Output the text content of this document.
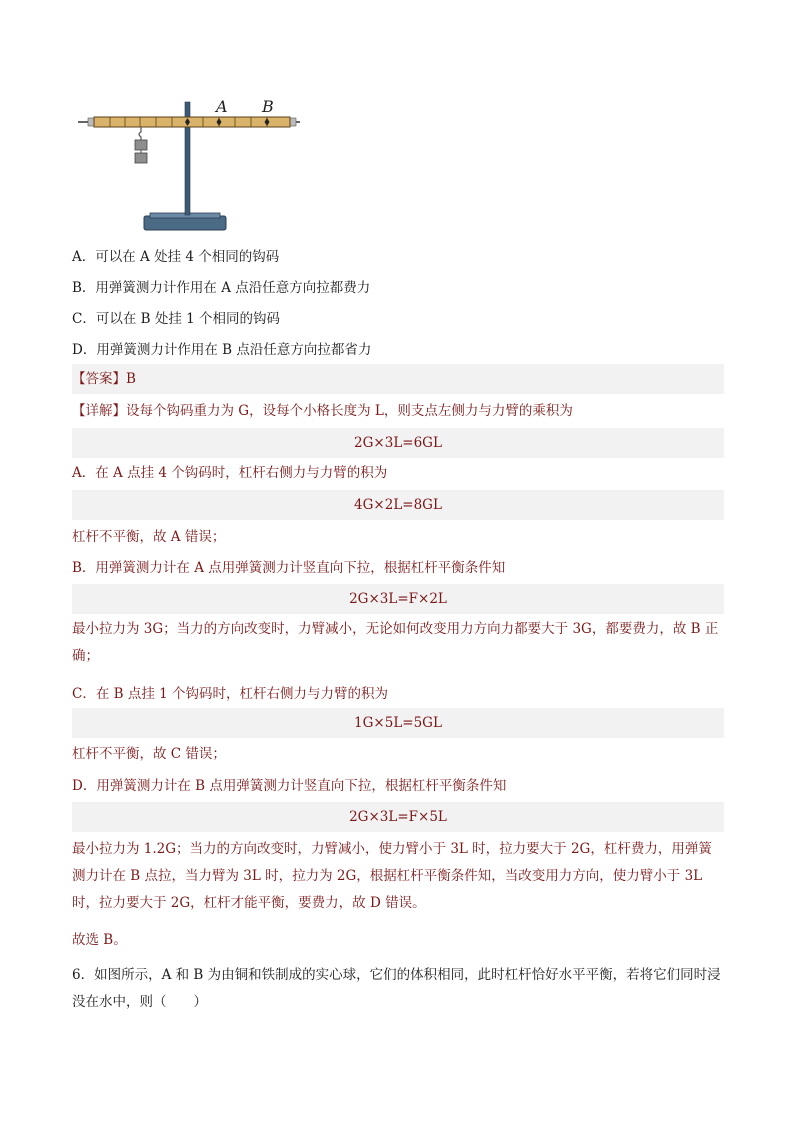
A B
A．可以在 A 处挂 4 个相同的钩码
B．用弹簧测力计作用在 A 点沿任意方向拉都费力
C．可以在 B 处挂 1 个相同的钩码
D．用弹簧测力计作用在 B 点沿任意方向拉都省力
【答案】B
【详解】设每个钩码重力为 G，设每个小格长度为 L，则支点左侧力与力臂的乘积为
2G×3L=6GL
A．在 A 点挂 4 个钩码时，杠杆右侧力与力臂的积为
4G×2L=8GL
杠杆不平衡，故 A 错误；
B．用弹簧测力计在 A 点用弹簧测力计竖直向下拉，根据杠杆平衡条件知
2G×3L=F×2L
最小拉力为 3G；当力的方向改变时，力臂减小，无论如何改变用力方向力都要大于 3G，都要费力，故 B 正确；
C．在 B 点挂 1 个钩码时，杠杆右侧力与力臂的积为
1G×5L=5GL
杠杆不平衡，故 C 错误；
D．用弹簧测力计在 B 点用弹簧测力计竖直向下拉，根据杠杆平衡条件知
2G×3L=F×5L
最小拉力为 1.2G；当力的方向改变时，力臂减小，使力臂小于 3L 时，拉力要大于 2G，杠杆费力，用弹簧测力计在 B 点拉，当力臂为 3L 时，拉力为 2G，根据杠杆平衡条件知，当改变用力方向，使力臂小于 3L 时，拉力要大于 2G，杠杆才能平衡，要费力，故 D 错误。
故选 B。
6．如图所示，A 和 B 为由铜和铁制成的实心球，它们的体积相同，此时杠杆恰好水平平衡，若将它们同时浸没在水中，则（　　）
